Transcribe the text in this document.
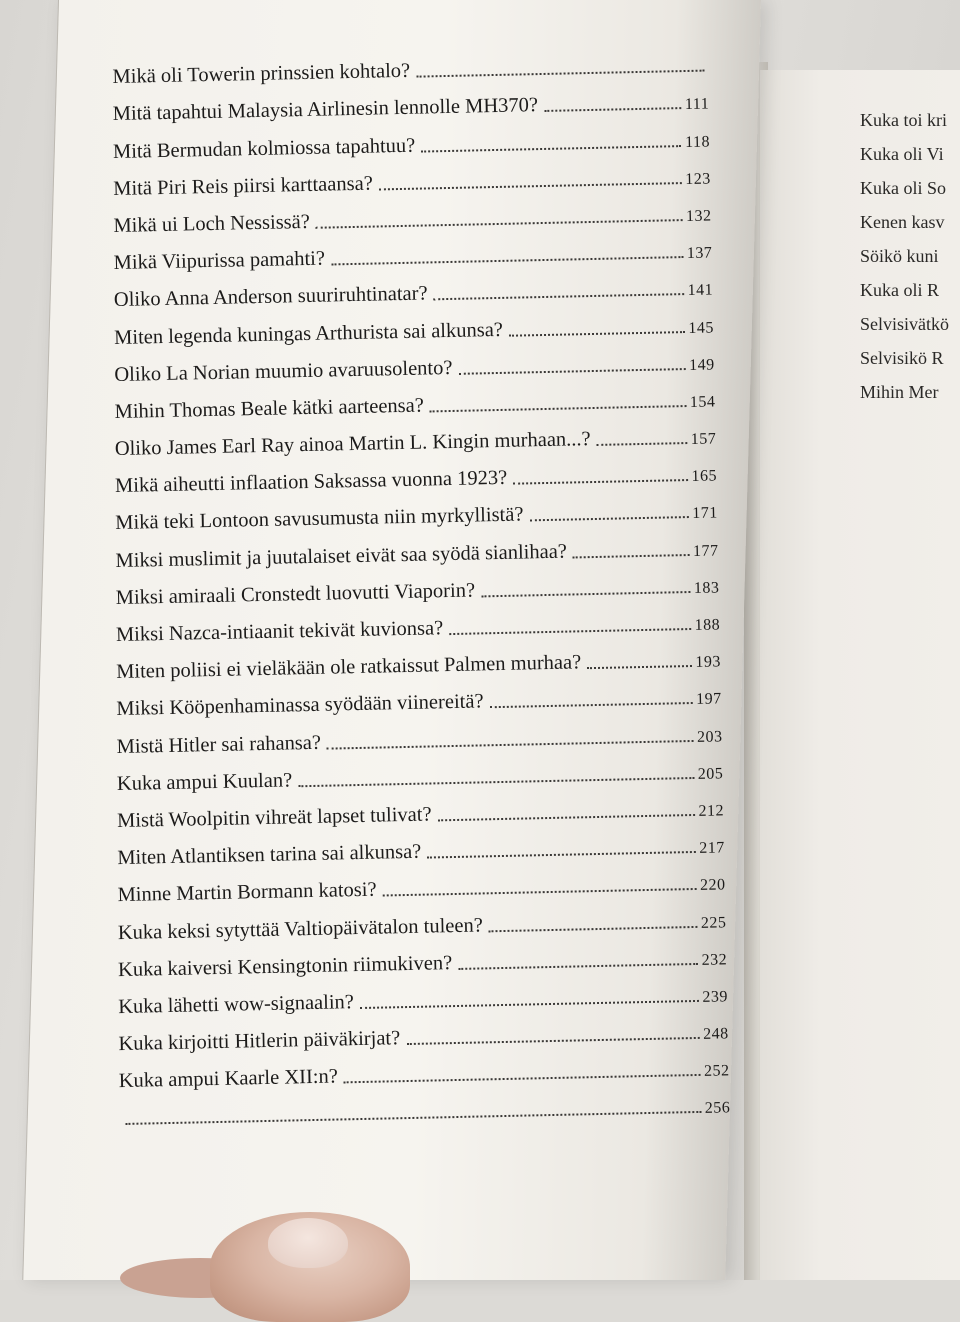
Mikä oli Towerin prinssien kohtalo?
Mitä tapahtui Malaysia Airlinesin lennolle MH370?	111
Mitä Bermudan kolmiossa tapahtuu?	118
Mitä Piri Reis piirsi karttaansa?	123
Mikä ui Loch Nessissä?	132
Mikä Viipurissa pamahti?	137
Oliko Anna Anderson suuriruhtinatar?	141
Miten legenda kuningas Arthurista sai alkunsa?	145
Oliko La Norian muumio avaruusolento?	149
Mihin Thomas Beale kätki aarteensa?	154
Oliko James Earl Ray ainoa Martin L. Kingin murhaan...?	157
Mikä aiheutti inflaation Saksassa vuonna 1923?	165
Mikä teki Lontoon savusumusta niin myrkyllistä?	171
Miksi muslimit ja juutalaiset eivät saa syödä sianlihaa?	177
Miksi amiraali Cronstedt luovutti Viaporin?	183
Miksi Nazca-intiaanit tekivät kuvionsa?	188
Miten poliisi ei vieläkään ole ratkaissut Palmen murhaa?	193
Miksi Kööpenhaminassa syödään viinereitä?	197
Mistä Hitler sai rahansa?	203
Kuka ampui Kuulan?	205
Mistä Woolpitin vihreät lapset tulivat?	212
Miten Atlantiksen tarina sai alkunsa?	217
Minne Martin Bormann katosi?	220
Kuka keksi sytyttää Valtiopäivätalon tuleen?	225
Kuka kaiversi Kensingtonin riimukiven?	232
Kuka lähetti wow-signaalin?	239
Kuka kirjoitti Hitlerin päiväkirjat?	248
Kuka ampui Kaarle XII:n?	252
256
Kuka toi kri
Kuka oli Vi
Kuka oli So
Kenen kasv
Söikö kuni
Kuka oli R
Selvisivätkö
Selvisikö R
Mihin Mer
